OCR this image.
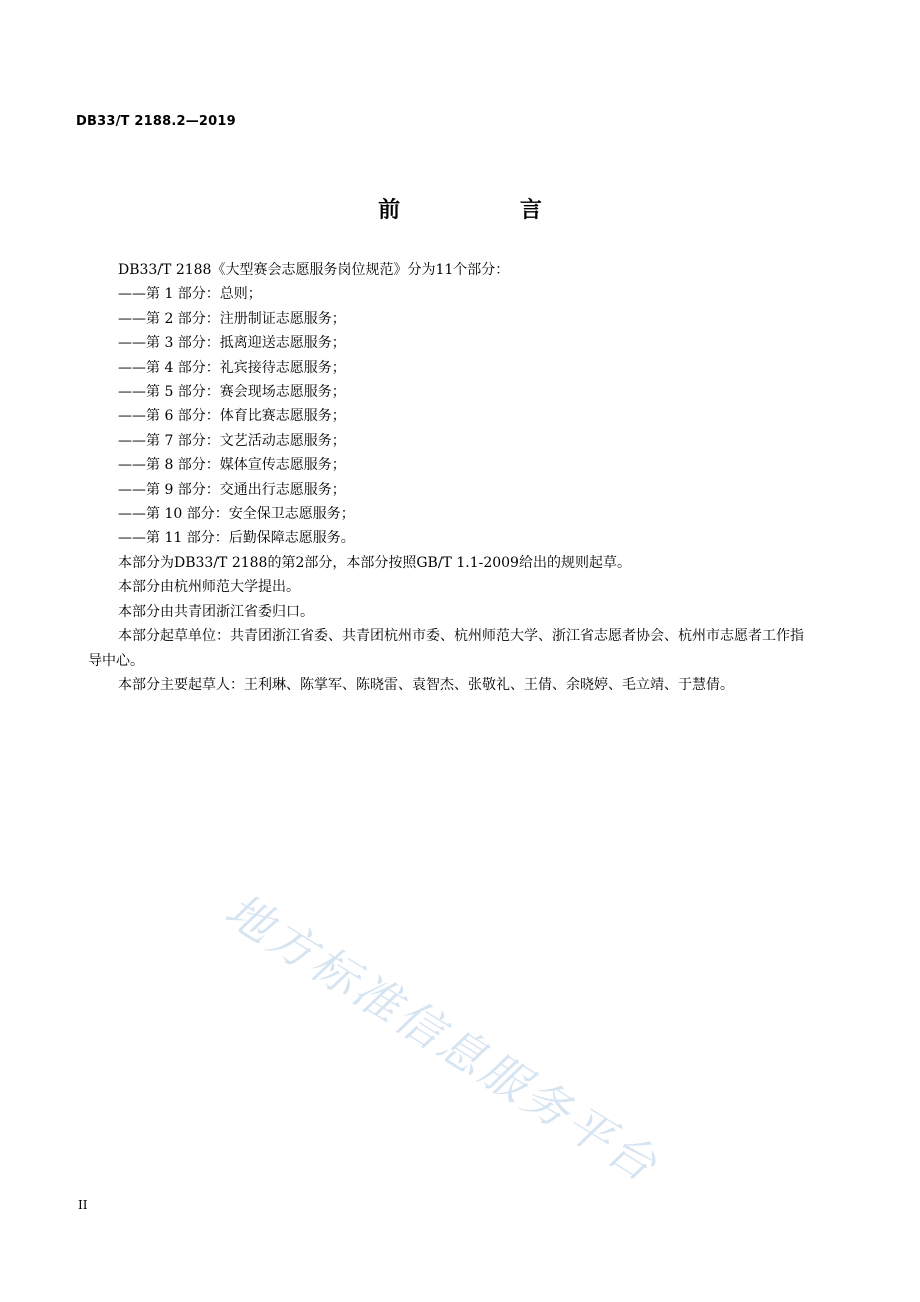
DB33/T 2188.2—2019
前 言

DB33/T 2188《大型赛会志愿服务岗位规范》分为11个部分：

——第 1 部分：总则；

——第 2 部分：注册制证志愿服务；

——第 3 部分：抵离迎送志愿服务；

——第 4 部分：礼宾接待志愿服务；

——第 5 部分：赛会现场志愿服务；

——第 6 部分：体育比赛志愿服务；

——第 7 部分：文艺活动志愿服务；

——第 8 部分：媒体宣传志愿服务；

——第 9 部分：交通出行志愿服务；

——第 10 部分：安全保卫志愿服务；

——第 11 部分：后勤保障志愿服务。

本部分为DB33/T 2188的第2部分，本部分按照GB/T 1.1-2009给出的规则起草。

本部分由杭州师范大学提出。

本部分由共青团浙江省委归口。

本部分起草单位：共青团浙江省委、共青团杭州市委、杭州师范大学、浙江省志愿者协会、杭州市志愿者工作指导中心。

本部分主要起草人：王利琳、陈掌军、陈晓雷、袁智杰、张敬礼、王倩、余晓婷、毛立靖、于慧倩。

地方标准信息服务平台
II
